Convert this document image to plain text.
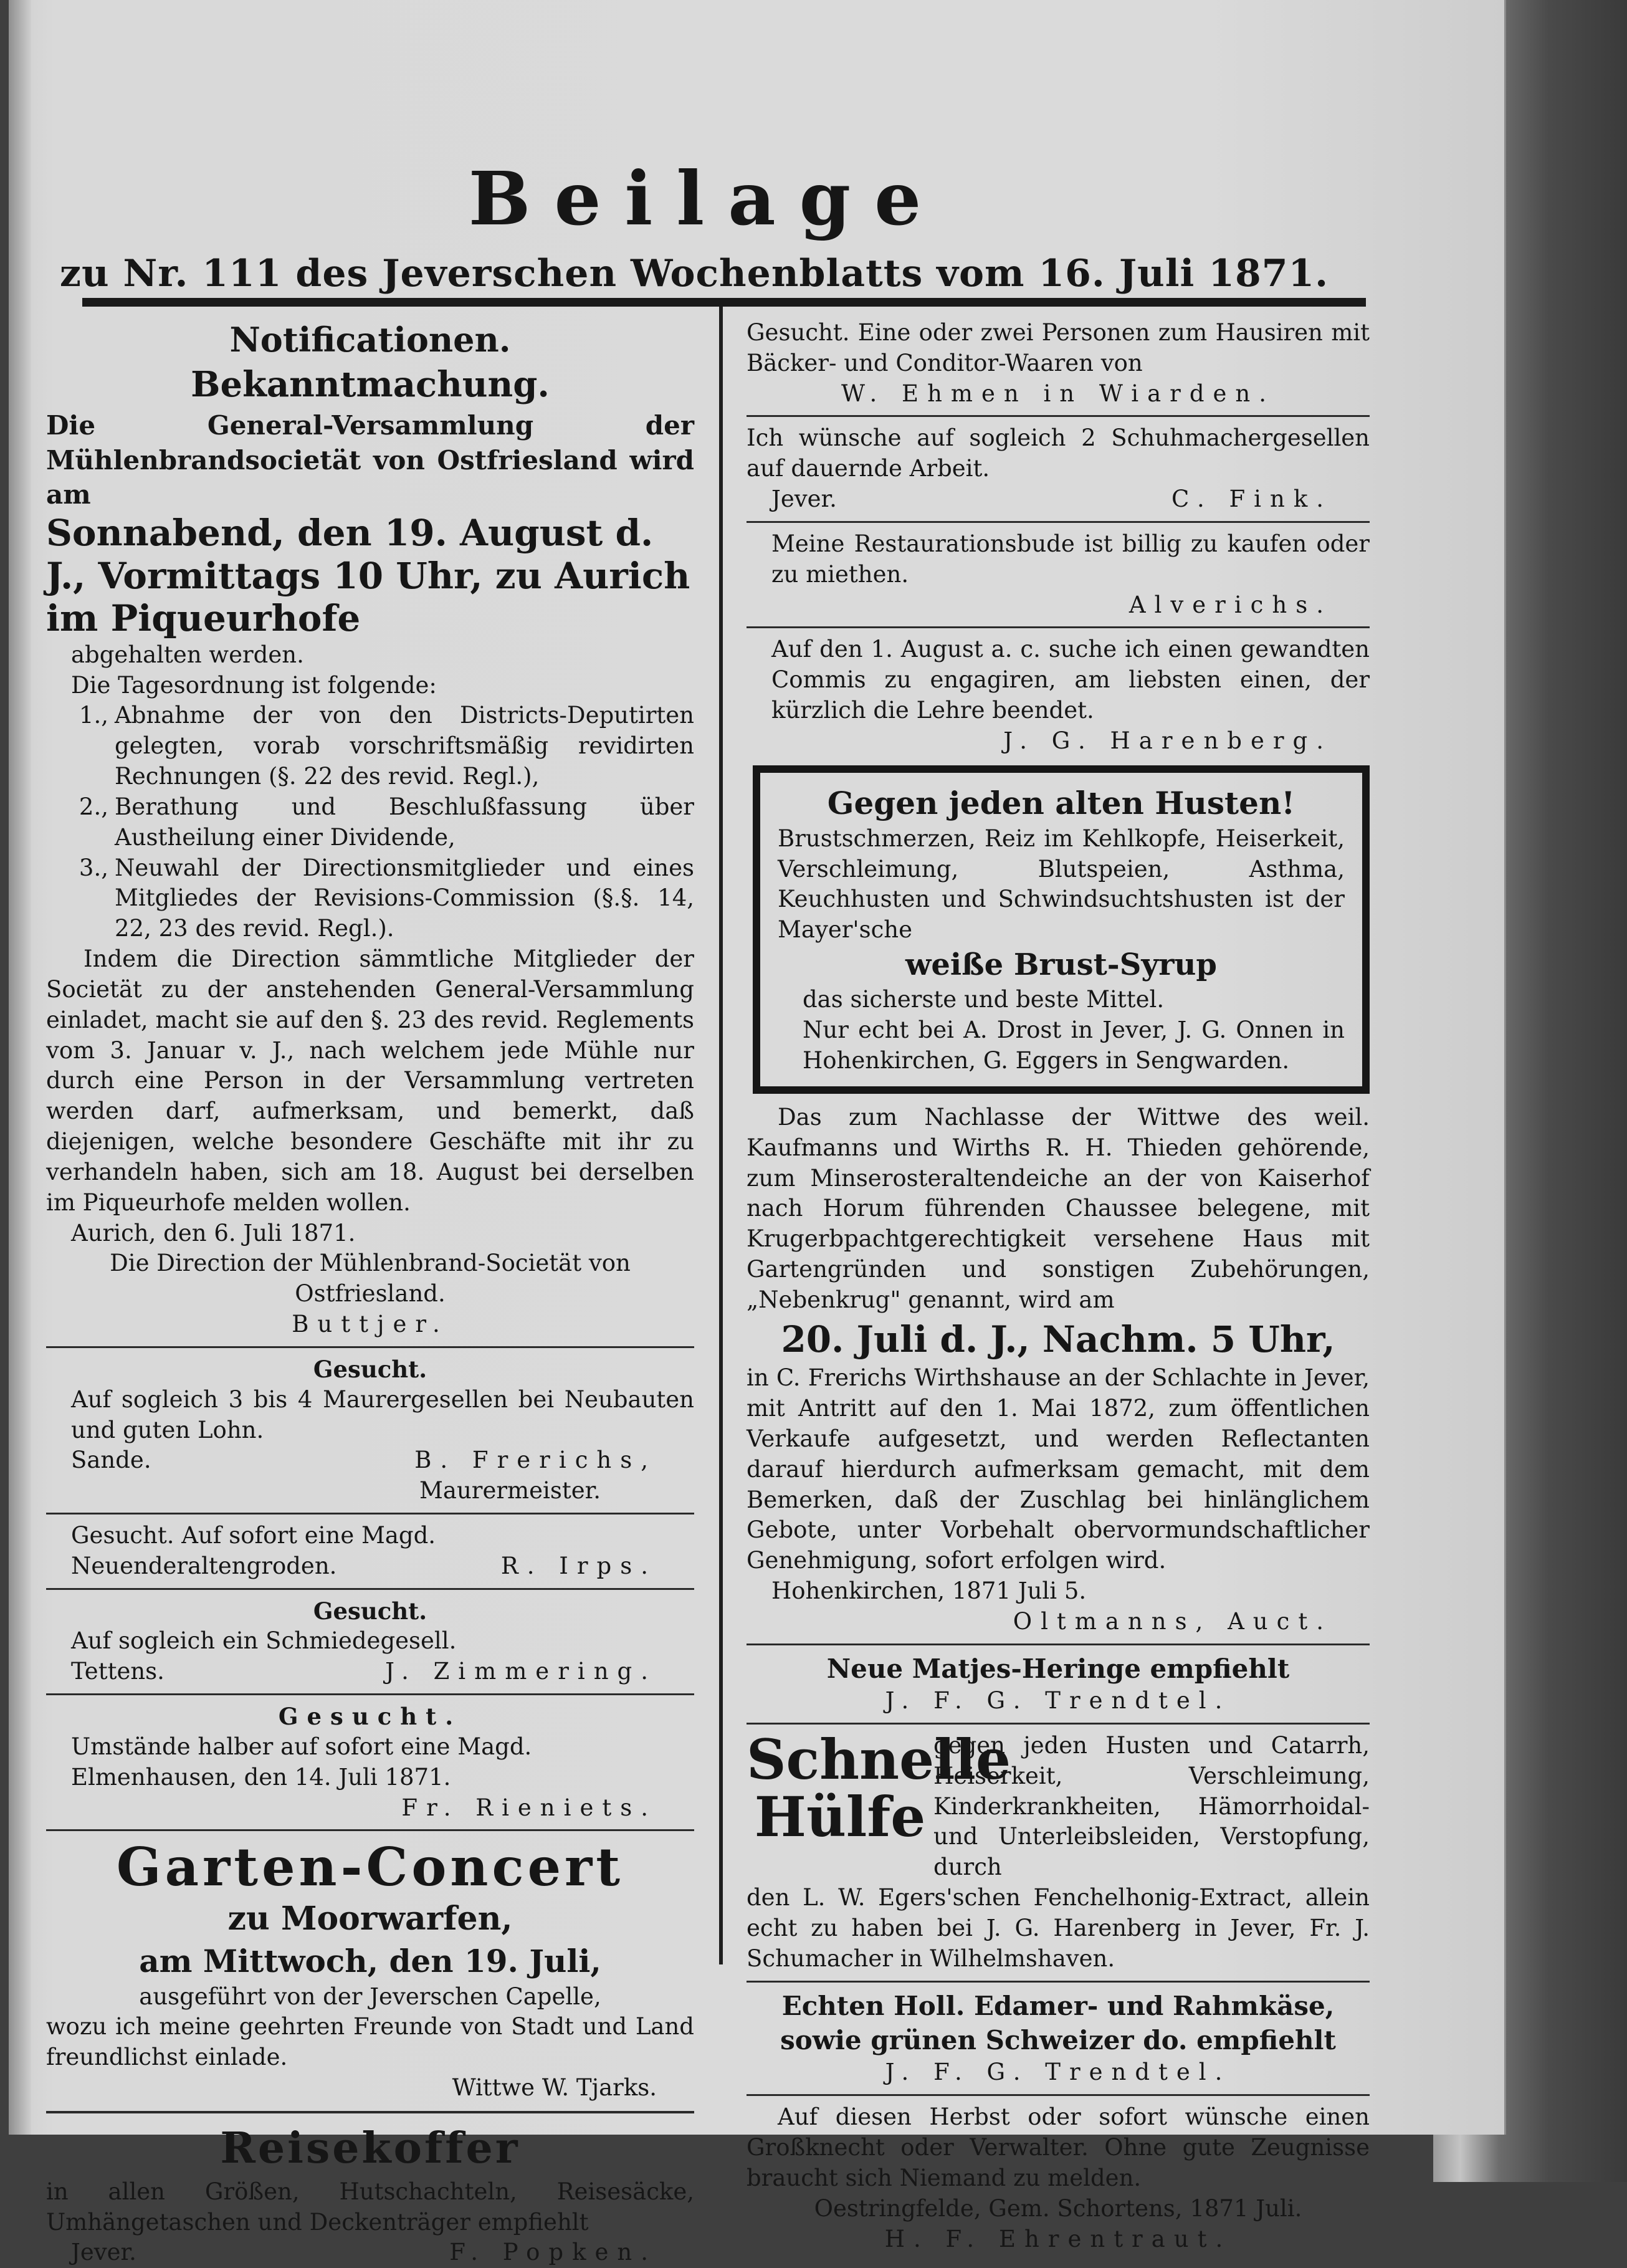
Beilage
zu Nr. 111 des Jeverschen Wochenblatts vom 16. Juli 1871.
Notificationen.
Bekanntmachung.
Die General-Versammlung der Mühlenbrandsocietät von Ostfriesland wird am
Sonnabend, den 19. August d. J., Vormittags 10 Uhr, zu Aurich im Piqueurhofe
abgehalten werden.
Die Tagesordnung ist folgende:
1., Abnahme der von den Districts-Deputirten gelegten, vorab vorschriftsmäßig revidirten Rechnungen (§. 22 des revid. Regl.),
2., Berathung und Beschlußfassung über Austheilung einer Dividende,
3., Neuwahl der Directionsmitglieder und eines Mitgliedes der Revisions-Commission (§.§. 14, 22, 23 des revid. Regl.).
Indem die Direction sämmtliche Mitglieder der Societät zu der anstehenden General-Versammlung einladet, macht sie auf den §. 23 des revid. Reglements vom 3. Januar v. J., nach welchem jede Mühle nur durch eine Person in der Versammlung vertreten werden darf, aufmerksam, und bemerkt, daß diejenigen, welche besondere Geschäfte mit ihr zu verhandeln haben, sich am 18. August bei derselben im Piqueurhofe melden wollen.
Aurich, den 6. Juli 1871.
Die Direction der Mühlenbrand-Societät von Ostfriesland.
Buttjer.
Gesucht.
Auf sogleich 3 bis 4 Maurergesellen bei Neubauten und guten Lohn.
Sande.	B. Frerichs,
Maurermeister.
Gesucht. Auf sofort eine Magd.
Neuenderaltengroden.	R. Irps.
Gesucht.
Auf sogleich ein Schmiedegesell.
Tettens.	J. Zimmering.
Gesucht.
Umstände halber auf sofort eine Magd.
Elmenhausen, den 14. Juli 1871.
Fr. Rieniets.
Garten-Concert
zu Moorwarfen,
am Mittwoch, den 19. Juli,
ausgeführt von der Jeverschen Capelle,
wozu ich meine geehrten Freunde von Stadt und Land freundlichst einlade.
Wittwe W. Tjarks.
Reisekoffer
in allen Größen, Hutschachteln, Reisesäcke, Umhängetaschen und Deckenträger empfiehlt
Jever.	F. Popken.
Gesucht. Eine oder zwei Personen zum Hausiren mit Bäcker- und Conditor-Waaren von
W. Ehmen in Wiarden.
Ich wünsche auf sogleich 2 Schuhmachergesellen auf dauernde Arbeit.
Jever.	C. Fink.
Meine Restaurationsbude ist billig zu kaufen oder zu miethen.
Alverichs.
Auf den 1. August a. c. suche ich einen gewandten Commis zu engagiren, am liebsten einen, der kürzlich die Lehre beendet.
J. G. Harenberg.
Gegen jeden alten Husten!
Brustschmerzen, Reiz im Kehlkopfe, Heiserkeit, Verschleimung, Blutspeien, Asthma, Keuchhusten und Schwindsuchtshusten ist der Mayer'sche
weiße Brust-Syrup
das sicherste und beste Mittel.
Nur echt bei A. Drost in Jever, J. G. Onnen in Hohenkirchen, G. Eggers in Sengwarden.
Das zum Nachlasse der Wittwe des weil. Kaufmanns und Wirths R. H. Thieden gehörende, zum Minserosteraltendeiche an der von Kaiserhof nach Horum führenden Chaussee belegene, mit Krugerbpachtgerechtigkeit versehene Haus mit Gartengründen und sonstigen Zubehörungen, „Nebenkrug" genannt, wird am
20. Juli d. J., Nachm. 5 Uhr,
in C. Frerichs Wirthshause an der Schlachte in Jever, mit Antritt auf den 1. Mai 1872, zum öffentlichen Verkaufe aufgesetzt, und werden Reflectanten darauf hierdurch aufmerksam gemacht, mit dem Bemerken, daß der Zuschlag bei hinlänglichem Gebote, unter Vorbehalt obervormundschaftlicher Genehmigung, sofort erfolgen wird.
Hohenkirchen, 1871 Juli 5.
Oltmanns, Auct.
Neue Matjes-Heringe empfiehlt
J. F. G. Trendtel.
Schnelle
Hülfe
gegen jeden Husten und Catarrh, Heiserkeit, Verschleimung, Kinderkrankheiten, Hämorrhoidal- und Unterleibsleiden, Verstopfung, durch
den L. W. Egers'schen Fenchelhonig-Extract, allein echt zu haben bei J. G. Harenberg in Jever, Fr. J. Schumacher in Wilhelmshaven.
Echten Holl. Edamer- und Rahmkäse,
sowie grünen Schweizer do. empfiehlt
J. F. G. Trendtel.
Auf diesen Herbst oder sofort wünsche einen Großknecht oder Verwalter. Ohne gute Zeugnisse braucht sich Niemand zu melden.
Oestringfelde, Gem. Schortens, 1871 Juli.
H. F. Ehrentraut.
